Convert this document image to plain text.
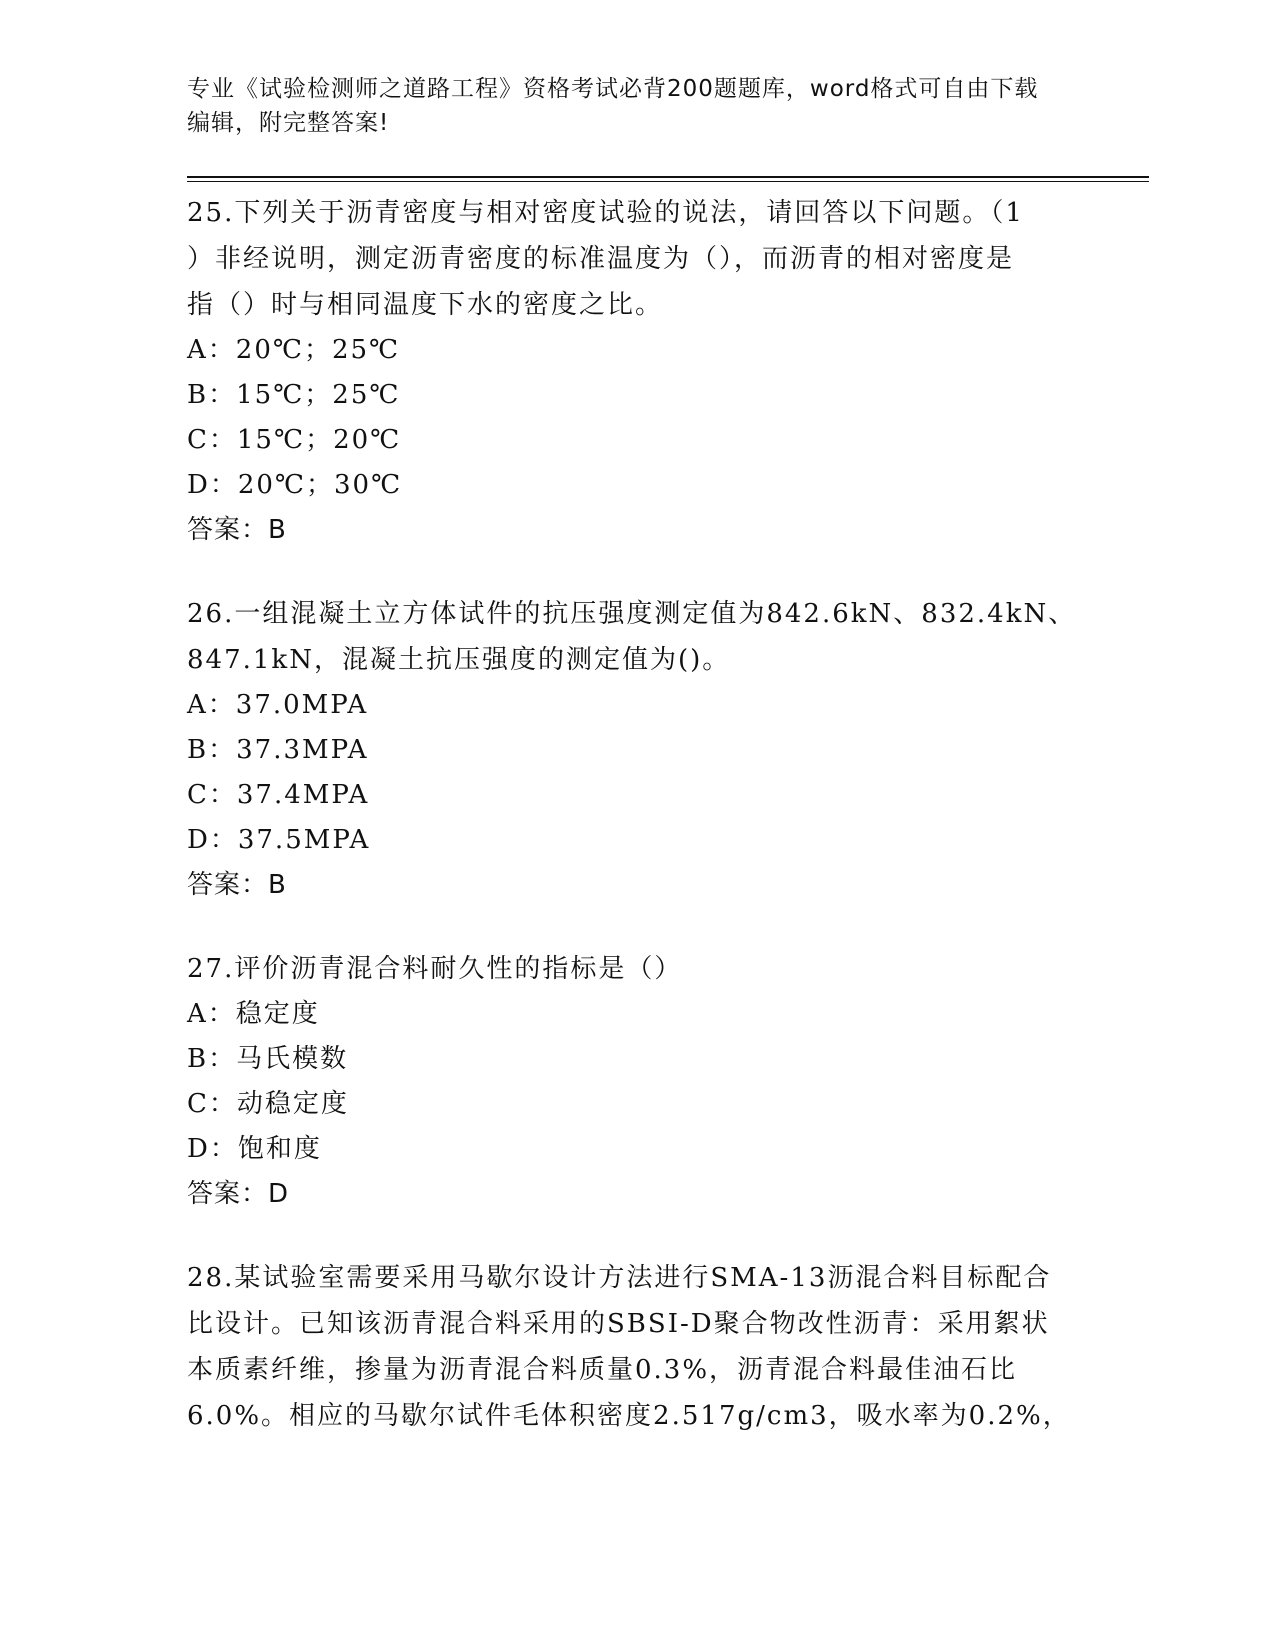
专业《试验检测师之道路工程》资格考试必背200题题库，word格式可自由下载
编辑，附完整答案!
25.下列关于沥青密度与相对密度试验的说法，请回答以下问题。（1
）非经说明，测定沥青密度的标准温度为（），而沥青的相对密度是
指（）时与相同温度下水的密度之比。
A：20℃；25℃
B：15℃；25℃
C：15℃；20℃
D：20℃；30℃
答案：B
26.一组混凝土立方体试件的抗压强度测定值为842.6kN、832.4kN、
847.1kN，混凝土抗压强度的测定值为()。
A：37.0MPA
B：37.3MPA
C：37.4MPA
D：37.5MPA
答案：B
27.评价沥青混合料耐久性的指标是（）
A：稳定度
B：马氏模数
C：动稳定度
D：饱和度
答案：D
28.某试验室需要采用马歇尔设计方法进行SMA-13沥混合料目标配合
比设计。已知该沥青混合料采用的SBSI-D聚合物改性沥青：采用絮状
本质素纤维，掺量为沥青混合料质量0.3%，沥青混合料最佳油石比
6.0%。相应的马歇尔试件毛体积密度2.517g/cm3，吸水率为0.2%，
